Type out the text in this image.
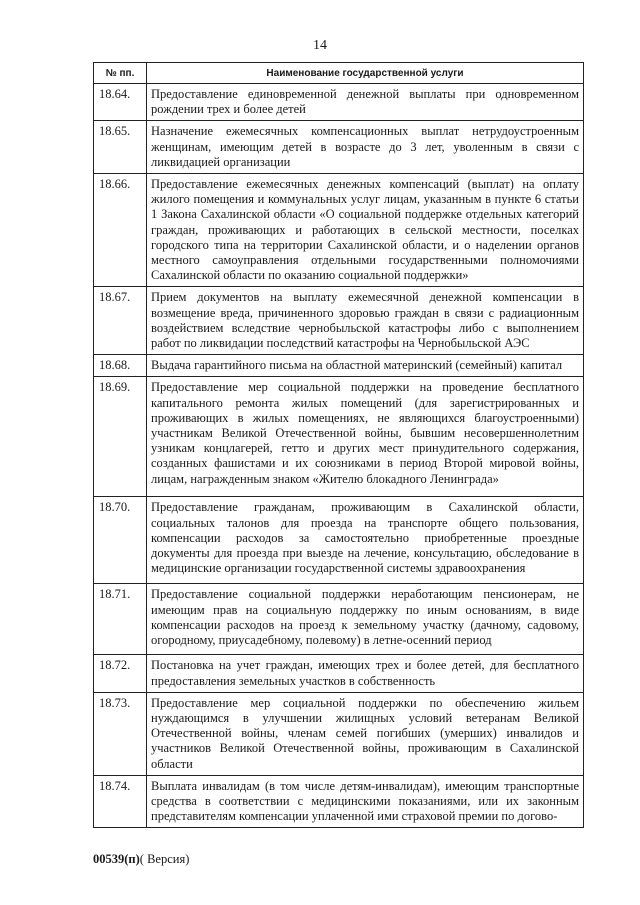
14
№ пп.	Наименование государственной услуги
18.64.	Предоставление единовременной денежной выплаты при одновременном рождении трех и более детей
18.65.	Назначение ежемесячных компенсационных выплат нетрудоустроенным женщинам, имеющим детей в возрасте до 3 лет, уволенным в связи с ликвидацией организации
18.66.	Предоставление ежемесячных денежных компенсаций (выплат) на оплату жилого помещения и коммунальных услуг лицам, указанным в пункте 6 статьи 1 Закона Сахалинской области «О социальной поддержке отдельных категорий граждан, проживающих и работающих в сельской местности, поселках городского типа на территории Сахалинской области, и о наделении органов местного самоуправления отдельными государственными полномочиями Сахалинской области по оказанию социальной поддержки»
18.67.	Прием документов на выплату ежемесячной денежной компенсации в возмещение вреда, причиненного здоровью граждан в связи с радиационным воздействием вследствие чернобыльской катастрофы либо с выполнением работ по ликвидации последствий катастрофы на Чернобыльской АЭС
18.68.	Выдача гарантийного письма на областной материнский (семейный) капитал
18.69.	Предоставление мер социальной поддержки на проведение бесплатного капитального ремонта жилых помещений (для зарегистрированных и проживающих в жилых помещениях, не являющихся благоустроенными) участникам Великой Отечественной войны, бывшим несовершеннолетним узникам концлагерей, гетто и других мест принудительного содержания, созданных фашистами и их союзниками в период Второй мировой войны, лицам, награжденным знаком «Жителю блокадного Ленинграда»
18.70.	Предоставление гражданам, проживающим в Сахалинской области, социальных талонов для проезда на транспорте общего пользования, компенсации расходов за самостоятельно приобретенные проездные документы для проезда при выезде на лечение, консультацию, обследование в медицинские организации государственной системы здравоохранения
18.71.	Предоставление социальной поддержки неработающим пенсионерам, не имеющим прав на социальную поддержку по иным основаниям, в виде компенсации расходов на проезд к земельному участку (дачному, садовому, огородному, приусадебному, полевому) в летне-осенний период
18.72.	Постановка на учет граждан, имеющих трех и более детей, для бесплатного предоставления земельных участков в собственность
18.73.	Предоставление мер социальной поддержки по обеспечению жильем нуждающимся в улучшении жилищных условий ветеранам Великой Отечественной войны, членам семей погибших (умерших) инвалидов и участников Великой Отечественной войны, проживающим в Сахалинской области
18.74.	Выплата инвалидам (в том числе детям-инвалидам), имеющим транспортные средства в соответствии с медицинскими показаниями, или их законным представителям компенсации уплаченной ими страховой премии по догово-
00539(п)( Версия)
